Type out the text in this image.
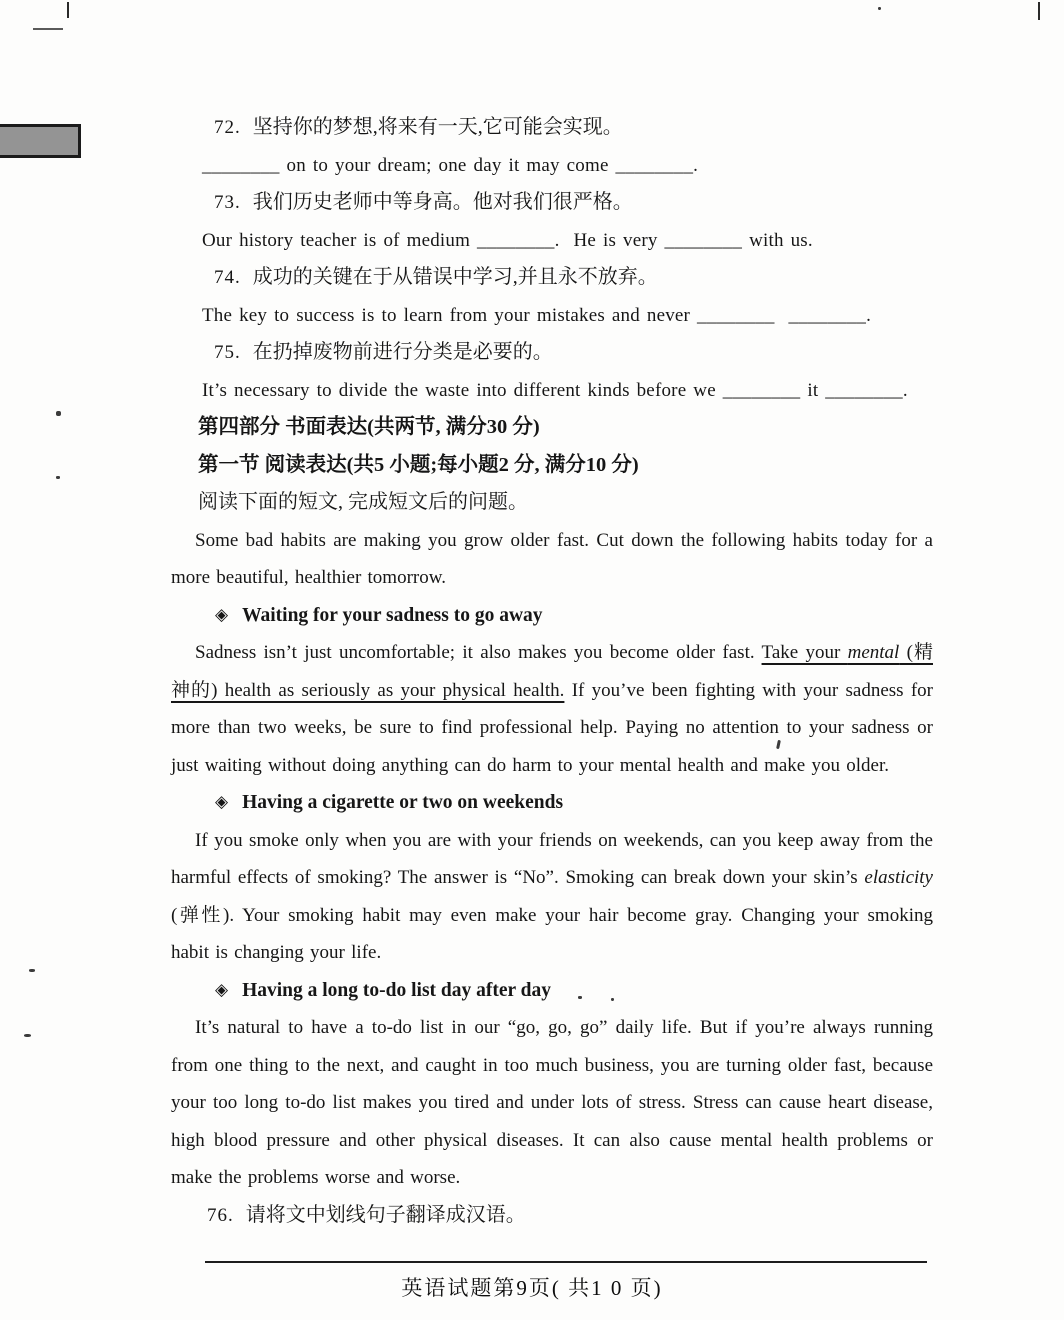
72. 坚持你的梦想,将来有一天,它可能会实现。
________ on to your dream; one day it may come ________.
73. 我们历史老师中等身高。他对我们很严格。
Our history teacher is of medium ________.  He is very ________ with us.
74. 成功的关键在于从错误中学习,并且永不放弃。
The key to success is to learn from your mistakes and never ________  ________.
75. 在扔掉废物前进行分类是必要的。
It’s necessary to divide the waste into different kinds before we ________ it ________.
第四部分 书面表达(共两节, 满分30 分)
第一节 阅读表达(共5 小题;每小题2 分, 满分10 分)
阅读下面的短文, 完成短文后的问题。
Some bad habits are making you grow older fast. Cut down the following habits today for a more beautiful, healthier tomorrow.
◈ Waiting for your sadness to go away
Sadness isn’t just uncomfortable; it also makes you become older fast. Take your mental (精神的) health as seriously as your physical health. If you’ve been fighting with your sadness for more than two weeks, be sure to find professional help. Paying no attention to your sadness or just waiting without doing anything can do harm to your mental health and make you older.
◈ Having a cigarette or two on weekends
If you smoke only when you are with your friends on weekends, can you keep away from the harmful effects of smoking? The answer is “No”. Smoking can break down your skin’s elasticity (弹性). Your smoking habit may even make your hair become gray. Changing your smoking habit is changing your life.
◈ Having a long to-do list day after day
It’s natural to have a to-do list in our “go, go, go” daily life. But if you’re always running from one thing to the next, and caught in too much business, you are turning older fast, because your too long to-do list makes you tired and under lots of stress. Stress can cause heart disease, high blood pressure and other physical diseases. It can also cause mental health problems or make the problems worse and worse.
76. 请将文中划线句子翻译成汉语。
英语试题第9页( 共1 0 页)
